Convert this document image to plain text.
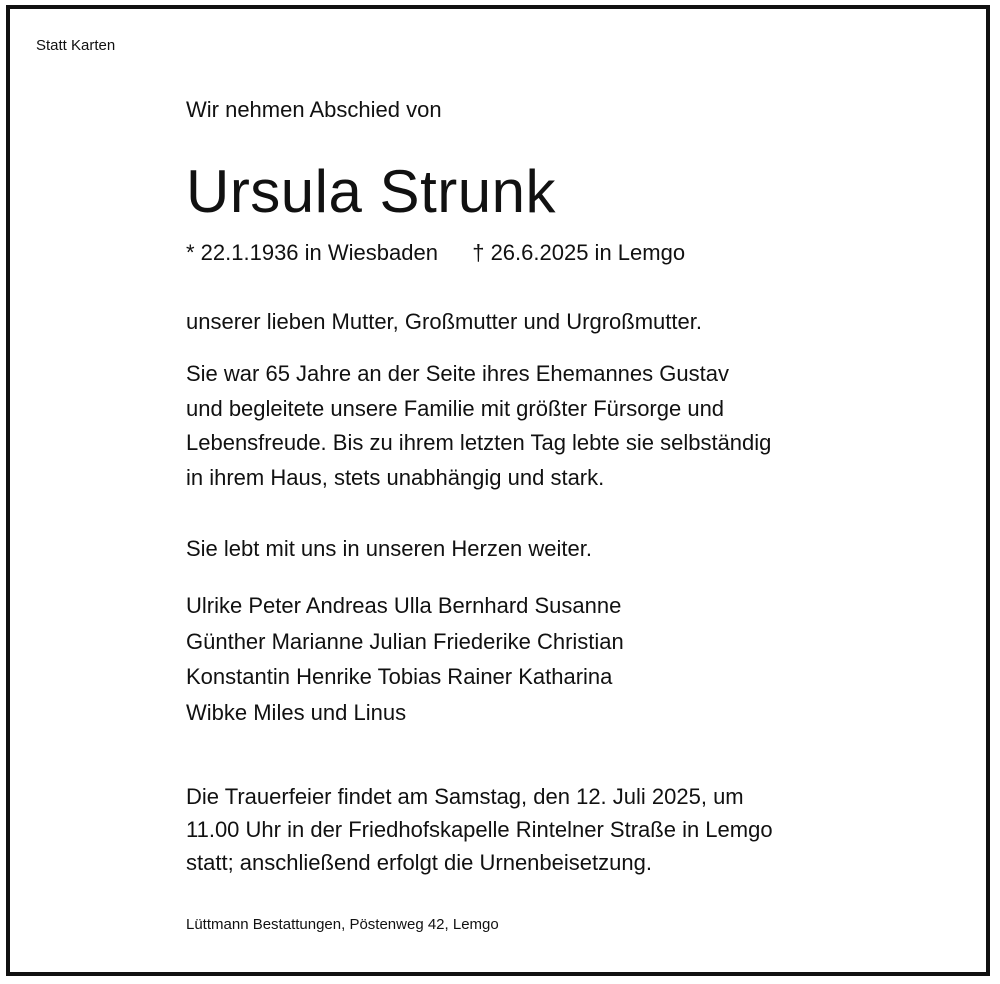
Statt Karten
Wir nehmen Abschied von
Ursula Strunk
* 22.1.1936 in Wiesbaden † 26.6.2025 in Lemgo
unserer lieben Mutter, Großmutter und Urgroßmutter.
Sie war 65 Jahre an der Seite ihres Ehemannes Gustav
und begleitete unsere Familie mit größter Fürsorge und
Lebensfreude. Bis zu ihrem letzten Tag lebte sie selbständig
in ihrem Haus, stets unabhängig und stark.
Sie lebt mit uns in unseren Herzen weiter.
Ulrike Peter Andreas Ulla Bernhard Susanne
Günther Marianne Julian Friederike Christian
Konstantin Henrike Tobias Rainer Katharina
Wibke Miles und Linus
Die Trauerfeier findet am Samstag, den 12. Juli 2025, um
11.00 Uhr in der Friedhofskapelle Rintelner Straße in Lemgo
statt; anschließend erfolgt die Urnenbeisetzung.
Lüttmann Bestattungen, Pöstenweg 42, Lemgo
